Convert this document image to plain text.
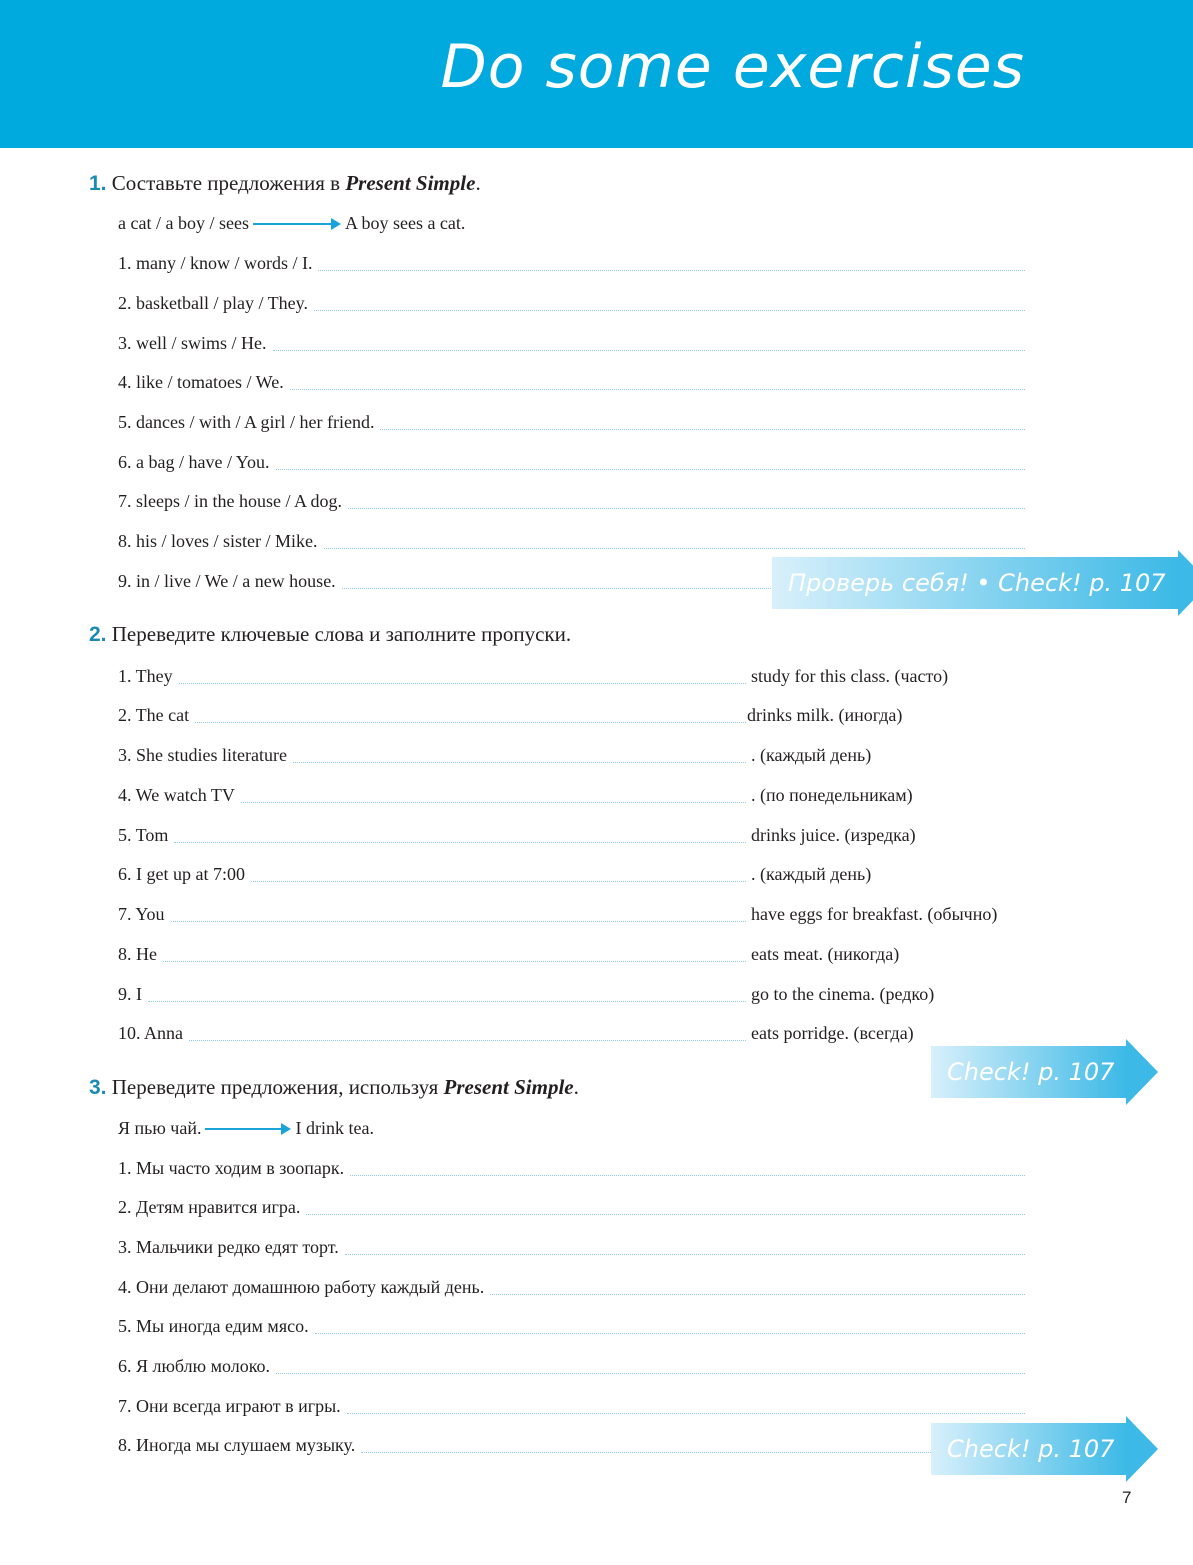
Do some exercises
1. Составьте предложения в Present Simple.
a cat / a boy / sees	A boy sees a cat.
1. many / know / words / I.
2. basketball / play / They.
3. well / swims / He.
4. like / tomatoes / We.
5. dances / with / A girl / her friend.
6. a bag / have / You.
7. sleeps / in the house / A dog.
8. his / loves / sister / Mike.
9. in / live / We / a new house.	Проверь себя! • Check! p. 107
2. Переведите ключевые слова и заполните пропуски.
1. They	study for this class. (часто)
2. The cat	drinks milk. (иногда)
3. She studies literature	. (каждый день)
4. We watch TV	. (по понедельникам)
5. Tom	drinks juice. (изредка)
6. I get up at 7:00	. (каждый день)
7. You	have eggs for breakfast. (обычно)
8. He	eats meat. (никогда)
9. I	go to the cinema. (редко)
10. Anna	eats porridge. (всегда)
Check! p. 107
3. Переведите предложения, используя Present Simple.
Я пью чай.	I drink tea.
1. Мы часто ходим в зоопарк.
2. Детям нравится игра.
3. Мальчики редко едят торт.
4. Они делают домашнюю работу каждый день.
5. Мы иногда едим мясо.
6. Я люблю молоко.
7. Они всегда играют в игры.
8. Иногда мы слушаем музыку.	Check! p. 107
7
